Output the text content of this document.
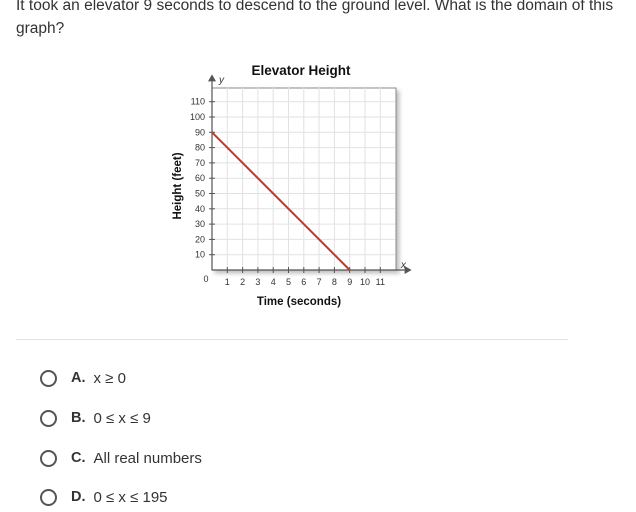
It took an elevator 9 seconds to descend to the ground level. What is the domain of this graph?

1 2 3 4 5 6 7 8 9 10 11
10
20
30
40
50
60
70
80
90
100
110
Elevator Height
Time (seconds)
Height (feet)
x
y
0
A. x ≥ 0
B. 0 ≤ x ≤ 9
C. All real numbers
D. 0 ≤ x ≤ 195
